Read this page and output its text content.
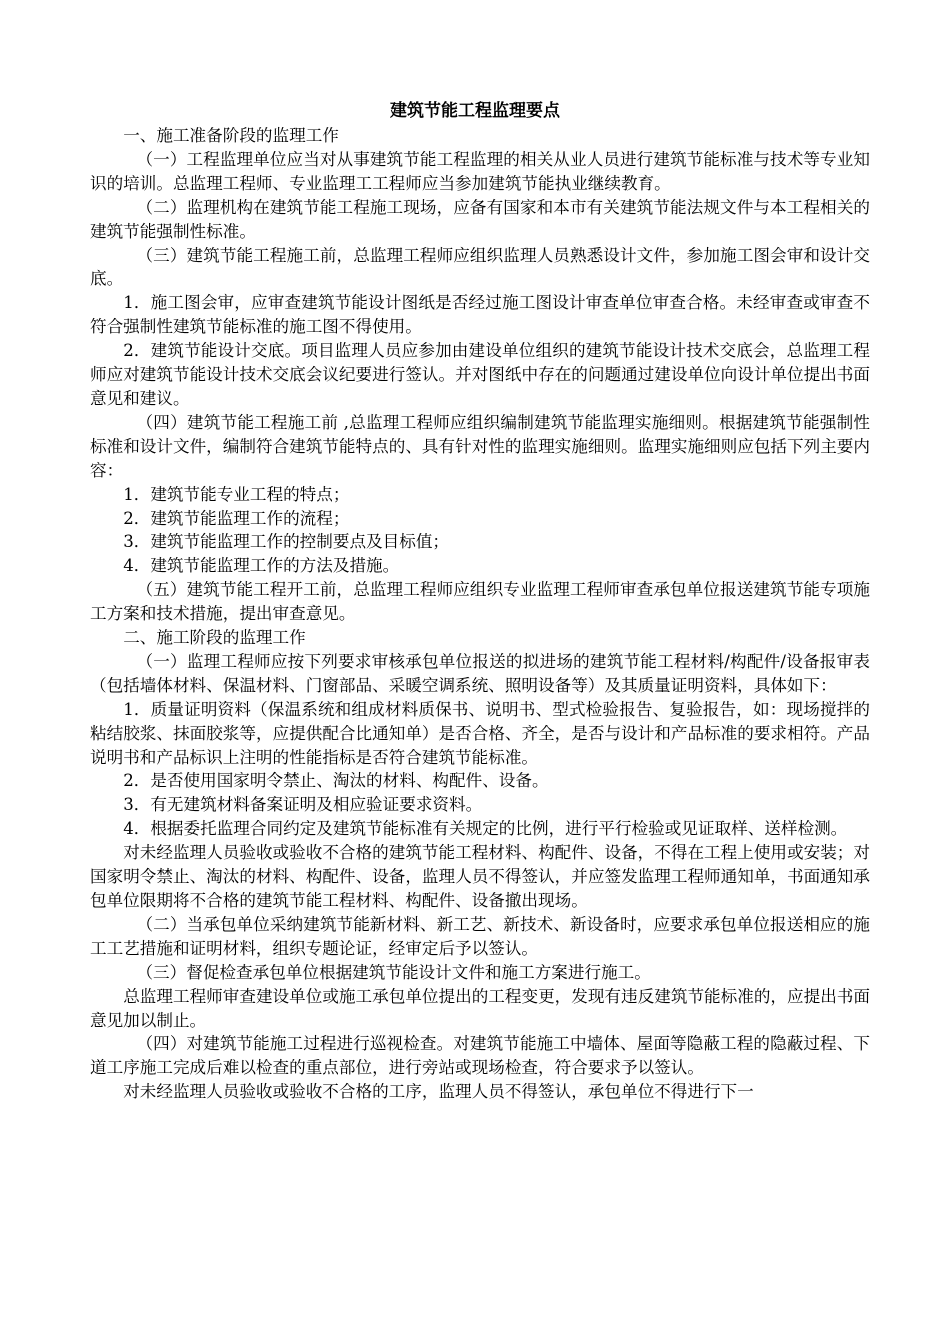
建筑节能工程监理要点

一、施工准备阶段的监理工作

（一）工程监理单位应当对从事建筑节能工程监理的相关从业人员进行建筑节能标准与技术等专业知识的培训。总监理工程师、专业监理工工程师应当参加建筑节能执业继续教育。

（二）监理机构在建筑节能工程施工现场，应备有国家和本市有关建筑节能法规文件与本工程相关的建筑节能强制性标准。

（三）建筑节能工程施工前，总监理工程师应组织监理人员熟悉设计文件，参加施工图会审和设计交底。

1．施工图会审，应审查建筑节能设计图纸是否经过施工图设计审查单位审查合格。未经审查或审查不符合强制性建筑节能标准的施工图不得使用。

2．建筑节能设计交底。项目监理人员应参加由建设单位组织的建筑节能设计技术交底会，总监理工程师应对建筑节能设计技术交底会议纪要进行签认。并对图纸中存在的问题通过建设单位向设计单位提出书面意见和建议。

（四）建筑节能工程施工前 ,总监理工程师应组织编制建筑节能监理实施细则。根据建筑节能强制性标准和设计文件，编制符合建筑节能特点的、具有针对性的监理实施细则。监理实施细则应包括下列主要内容：

1．建筑节能专业工程的特点；

2．建筑节能监理工作的流程；

3．建筑节能监理工作的控制要点及目标值；

4．建筑节能监理工作的方法及措施。

（五）建筑节能工程开工前，总监理工程师应组织专业监理工程师审查承包单位报送建筑节能专项施工方案和技术措施，提出审查意见。

二、施工阶段的监理工作

（一）监理工程师应按下列要求审核承包单位报送的拟进场的建筑节能工程材料/构配件/设备报审表（包括墙体材料、保温材料、门窗部品、采暖空调系统、照明设备等）及其质量证明资料，具体如下：

1．质量证明资料（保温系统和组成材料质保书、说明书、型式检验报告、复验报告，如：现场搅拌的粘结胶浆、抹面胶浆等，应提供配合比通知单）是否合格、齐全，是否与设计和产品标准的要求相符。产品说明书和产品标识上注明的性能指标是否符合建筑节能标准。

2．是否使用国家明令禁止、淘汰的材料、构配件、设备。

3．有无建筑材料备案证明及相应验证要求资料。

4．根据委托监理合同约定及建筑节能标准有关规定的比例，进行平行检验或见证取样、送样检测。

对未经监理人员验收或验收不合格的建筑节能工程材料、构配件、设备，不得在工程上使用或安装；对国家明令禁止、淘汰的材料、构配件、设备，监理人员不得签认，并应签发监理工程师通知单，书面通知承包单位限期将不合格的建筑节能工程材料、构配件、设备撤出现场。

（二）当承包单位采纳建筑节能新材料、新工艺、新技术、新设备时，应要求承包单位报送相应的施工工艺措施和证明材料，组织专题论证，经审定后予以签认。

（三）督促检查承包单位根据建筑节能设计文件和施工方案进行施工。

总监理工程师审查建设单位或施工承包单位提出的工程变更，发现有违反建筑节能标准的，应提出书面意见加以制止。

（四）对建筑节能施工过程进行巡视检查。对建筑节能施工中墙体、屋面等隐蔽工程的隐蔽过程、下道工序施工完成后难以检查的重点部位，进行旁站或现场检查，符合要求予以签认。

对未经监理人员验收或验收不合格的工序，监理人员不得签认，承包单位不得进行下一
